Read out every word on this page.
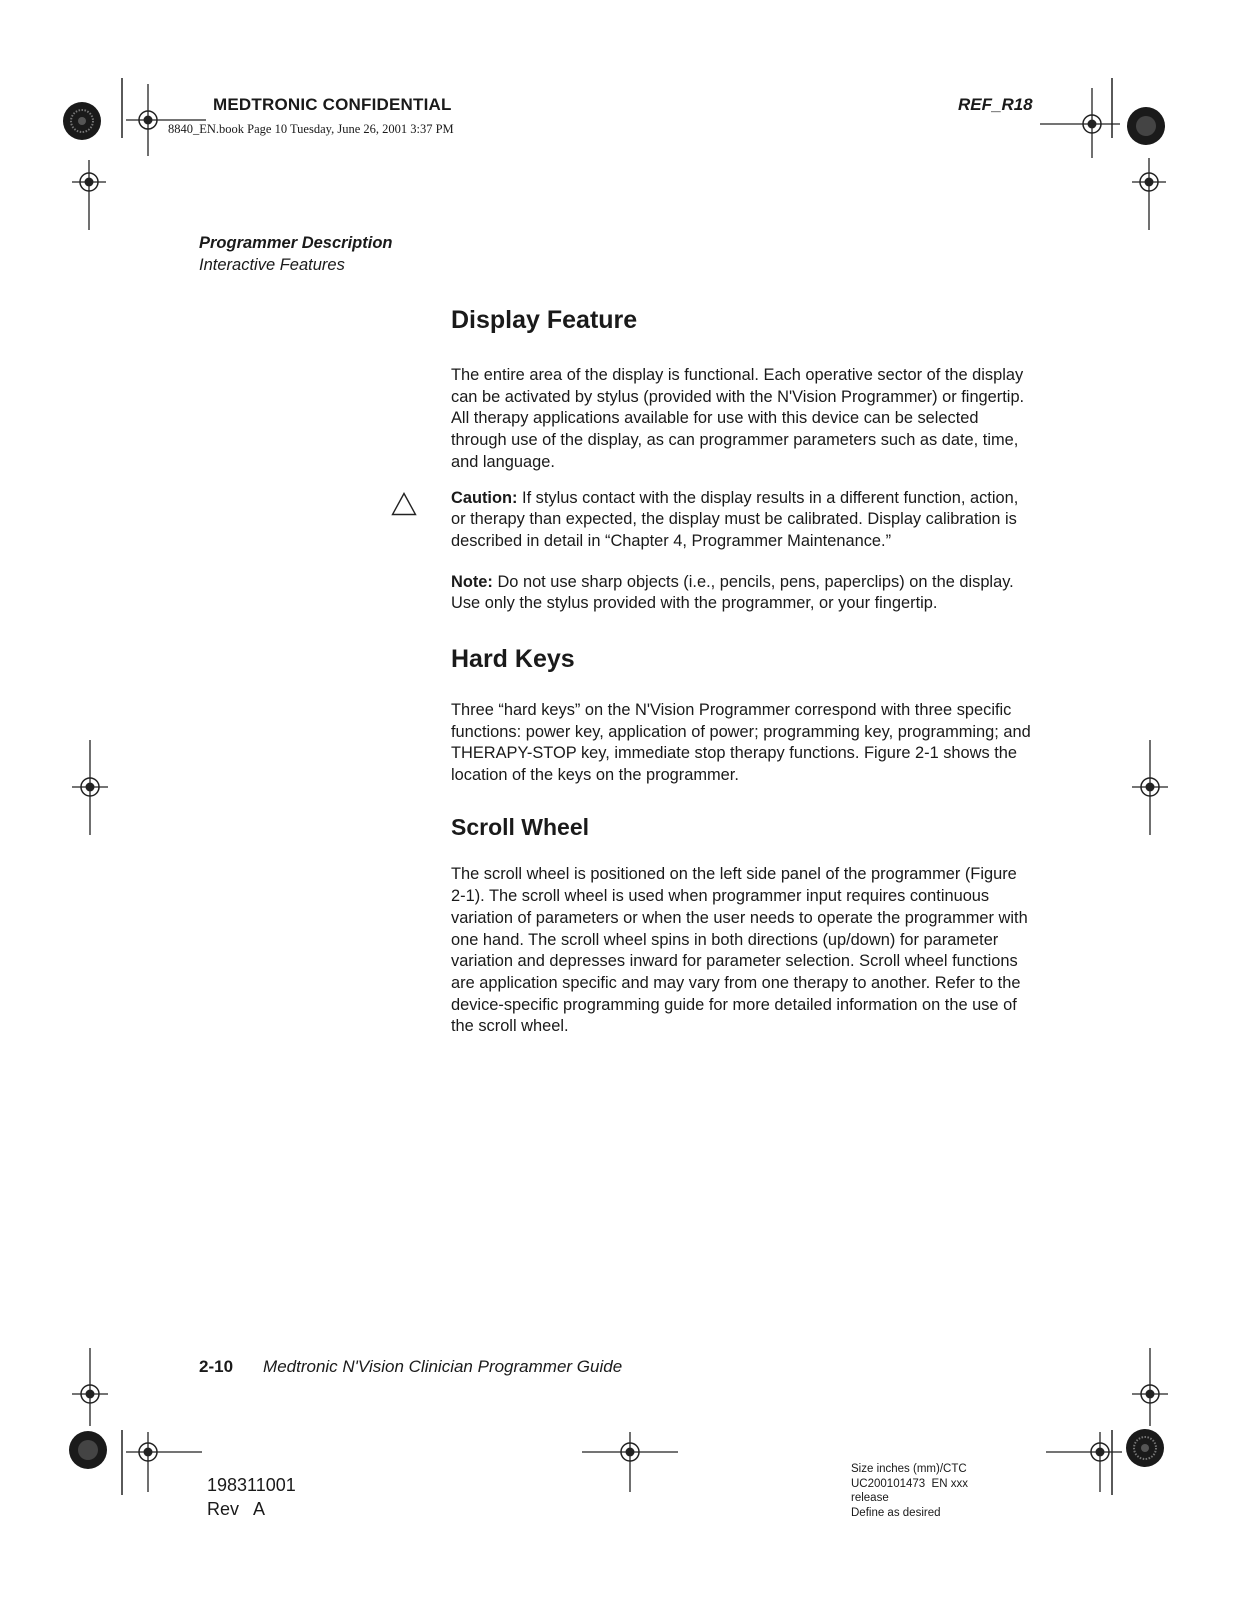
MEDTRONIC CONFIDENTIAL	REF_R18
8840_EN.book Page 10 Tuesday, June 26, 2001 3:37 PM
Programmer Description
Interactive Features
Display Feature

The entire area of the display is functional. Each operative sector of the display can be activated by stylus (provided with the N'Vision Programmer) or fingertip. All therapy applications available for use with this device can be selected through use of the display, as can programmer parameters such as date, time, and language.

Caution: If stylus contact with the display results in a different function, action, or therapy than expected, the display must be calibrated. Display calibration is described in detail in “Chapter 4, Programmer Maintenance.”

Note: Do not use sharp objects (i.e., pencils, pens, paperclips) on the display. Use only the stylus provided with the programmer, or your fingertip.

Hard Keys

Three “hard keys” on the N'Vision Programmer correspond with three specific functions: power key, application of power; programming key, programming; and THERAPY-STOP key, immediate stop therapy functions. Figure 2-1 shows the location of the keys on the programmer.

Scroll Wheel

The scroll wheel is positioned on the left side panel of the programmer (Figure 2-1). The scroll wheel is used when programmer input requires continuous variation of parameters or when the user needs to operate the programmer with one hand. The scroll wheel spins in both directions (up/down) for parameter variation and depresses inward for parameter selection. Scroll wheel functions are application specific and may vary from one therapy to another. Refer to the device-specific programming guide for more detailed information on the use of the scroll wheel.

2-10 Medtronic N'Vision Clinician Programmer Guide
198311001
Rev   A
Size inches (mm)/CTC
UC200101473  EN xxx
release
Define as desired
